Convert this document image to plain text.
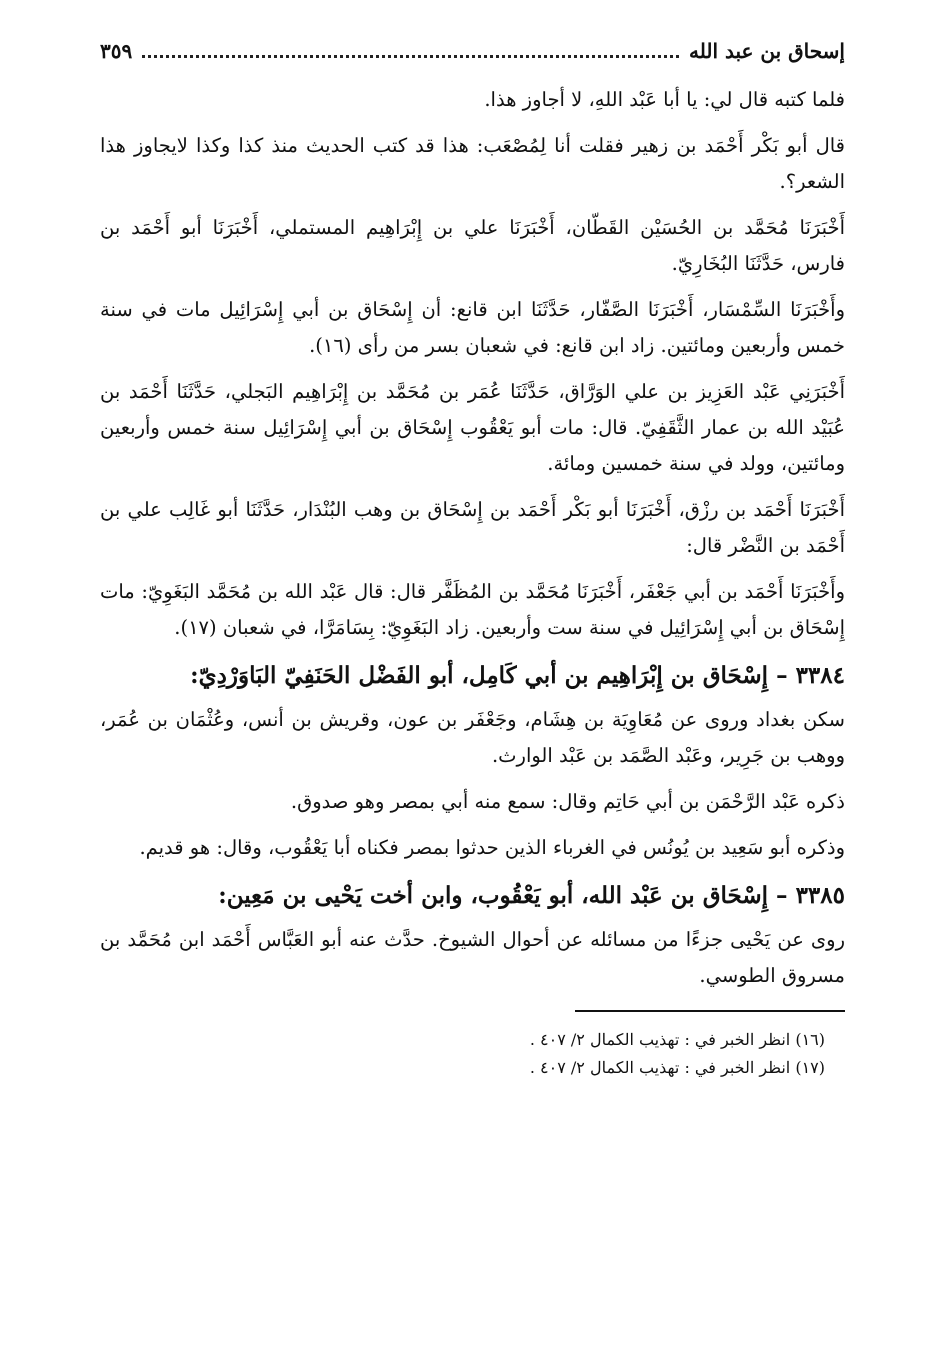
إسحاق بن عبد الله
٣٥٩

فلما كتبه قال لي: يا أبا عَبْد اللهِ، لا أجاوز هذا.

قال أبو بَكْر أَحْمَد بن زهير فقلت أنا لِمُصْعَب: هذا قد كتب الحديث منذ كذا وكذا لايجاوز هذا الشعر؟.

أَخْبَرَنَا مُحَمَّد بن الحُسَيْن القَطّان، أَخْبَرَنَا علي بن إِبْرَاهِيم المستملي، أَخْبَرَنَا أبو أَحْمَد بن فارس، حَدَّثَنَا البُخَارِيّ.

وأَخْبَرَنَا السِّمْسَار، أَخْبَرَنَا الصَّفّار، حَدَّثَنَا ابن قانع: أن إِسْحَاق بن أبي إِسْرَائِيل مات في سنة خمس وأربعين ومائتين. زاد ابن قانع: في شعبان بسر من رأى (١٦).

أَخْبَرَنِي عَبْد العَزِيز بن علي الوَرَّاق، حَدَّثَنَا عُمَر بن مُحَمَّد بن إِبْرَاهِيم البَجلي، حَدَّثَنَا أَحْمَد بن عُبَيْد الله بن عمار الثَّقَفِيّ. قال: مات أبو يَعْقُوب إِسْحَاق بن أبي إِسْرَائِيل سنة خمس وأربعين ومائتين، وولد في سنة خمسين ومائة.

أَخْبَرَنَا أَحْمَد بن رزْق، أَخْبَرَنَا أبو بَكْر أَحْمَد بن إِسْحَاق بن وهب البُنْدَار، حَدَّثَنَا أبو غَالِب علي بن أَحْمَد بن النَّضْر قال:

وأَخْبَرَنَا أَحْمَد بن أبي جَعْفَر، أَخْبَرَنَا مُحَمَّد بن المُظَفَّر قال: قال عَبْد الله بن مُحَمَّد البَغَوِيّ: مات إِسْحَاق بن أبي إِسْرَائِيل في سنة ست وأربعين. زاد البَغَوِيّ: بِسَامَرَّا، في شعبان (١٧).

٣٣٨٤ – إِسْحَاق بن إِبْرَاهِيم بن أبي كَامِل، أبو الفَضْل الحَنَفِيّ البَاوَرْدِيّ:

سكن بغداد وروى عن مُعَاوِيَة بن هِشَام، وجَعْفَر بن عون، وقريش بن أنس، وعُثْمَان بن عُمَر، ووهب بن جَرِير، وعَبْد الصَّمَد بن عَبْد الوارث.

ذكره عَبْد الرَّحْمَن بن أبي حَاتِم وقال: سمع منه أبي بمصر وهو صدوق.

وذكره أبو سَعِيد بن يُونُس في الغرباء الذين حدثوا بمصر فكناه أبا يَعْقُوب، وقال: هو قديم.

٣٣٨٥ – إِسْحَاق بن عَبْد الله، أبو يَعْقُوب، وابن أخت يَحْيى بن مَعِين:

روى عن يَحْيى جزءًا من مسائله عن أحوال الشيوخ. حدَّث عنه أبو العَبَّاس أَحْمَد ابن مُحَمَّد بن مسروق الطوسي.

(١٦) انظر الخبر في : تهذيب الكمال ٢/ ٤٠٧ .

(١٧) انظر الخبر في : تهذيب الكمال ٢/ ٤٠٧ .
